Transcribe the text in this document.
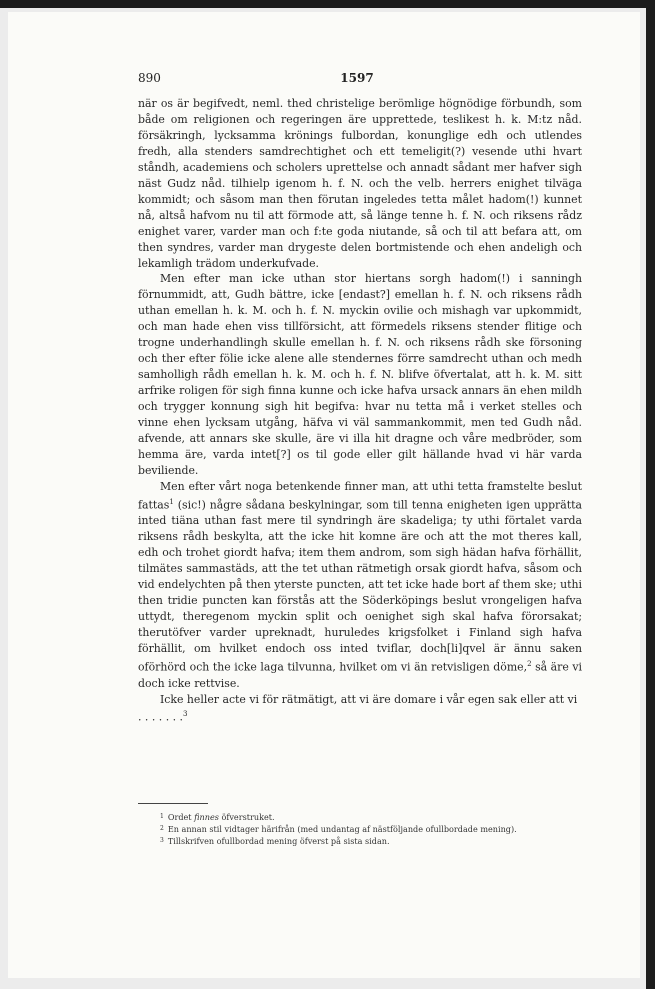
890	1597

när os är begifvedt, neml. thed christelige berömlige högnödige förbundh, som både om religionen och regeringen äre upprettede, teslikest h. k. M:tz nåd. försäkringh, lycksamma krönings fulbordan, konunglige edh och utlendes fredh, alla stenders samdrechtighet och ett temeligit(?) vesende uthi hvart ståndh, academiens och scholers uprettelse och annadt sådant mer hafver sigh näst Gudz nåd. tilhielp igenom h. f. N. och the velb. herrers enighet tilväga kommidt; och såsom man then förutan ingeledes tetta målet hadom(!) kunnet nå, altså hafvom nu til att förmode att, så länge tenne h. f. N. och riksens rådz enighet varer, varder man och f:te goda niutande, så och til att befara att, om then syndres, varder man drygeste delen bortmistende och ehen andeligh och lekamligh trädom underkufvade.

Men efter man icke uthan stor hiertans sorgh hadom(!) i sanningh förnummidt, att, Gudh bättre, icke [endast?] emellan h. f. N. och riksens rådh uthan emellan h. k. M. och h. f. N. myckin ovilie och mishagh var upkommidt, och man hade ehen viss tillförsicht, att förmedels riksens stender flitige och trogne underhandlingh skulle emellan h. f. N. och riksens rådh ske försoning och ther efter fölie icke alene alle stendernes förre samdrecht uthan och medh samholligh rådh emellan h. k. M. och h. f. N. blifve öfvertalat, att h. k. M. sitt arfrike roligen för sigh finna kunne och icke hafva ursack annars än ehen mildh och trygger konnung sigh hit begifva: hvar nu tetta må i verket stelles och vinne ehen lycksam utgång, häfva vi väl sammankommit, men ted Gudh nåd. afvende, att annars ske skulle, äre vi illa hit dragne och våre medbröder, som hemma äre, varda intet[?] os til gode eller gilt hällande hvad vi här varda beviliende.

Men efter vårt noga betenkende finner man, att uthi tetta framstelte beslut fattas$^1$ (sic!) någre sådana beskylningar, som till tenna enigheten igen upprätta inted tiäna uthan fast mere til syndringh äre skadeliga; ty uthi förtalet varda riksens rådh beskylta, att the icke hit komne äre och att the mot theres kall, edh och trohet giordt hafva; item them androm, som sigh hädan hafva förhällit, tilmätes sammastäds, att the tet uthan rätmetigh orsak giordt hafva, såsom och vid endelychten på then yterste puncten, att tet icke hade bort af them ske; uthi then tridie puncten kan förstås att the Söderköpings beslut vrongeligen hafva uttydt, theregenom myckin split och oenighet sigh skal hafva förorsakat; therutöfver varder upreknadt, huruledes krigsfolket i Finland sigh hafva förhällit, om hvilket endoch oss inted tviflar, doch[li]qvel är ännu saken oförhörd och the icke laga tilvunna, hvilket om vi än retvisligen döme,$^2$ så äre vi doch icke rettvise.

Icke heller acte vi för rätmätigt, att vi äre domare i vår egen sak eller att vi . . . . . . .$^3$

$^1$ Ordet finnes öfverstruket.
$^2$ En annan stil vidtager härifrån (med undantag af nästföljande ofullbordade mening).
$^3$ Tillskrifven ofullbordad mening öfverst på sista sidan.
